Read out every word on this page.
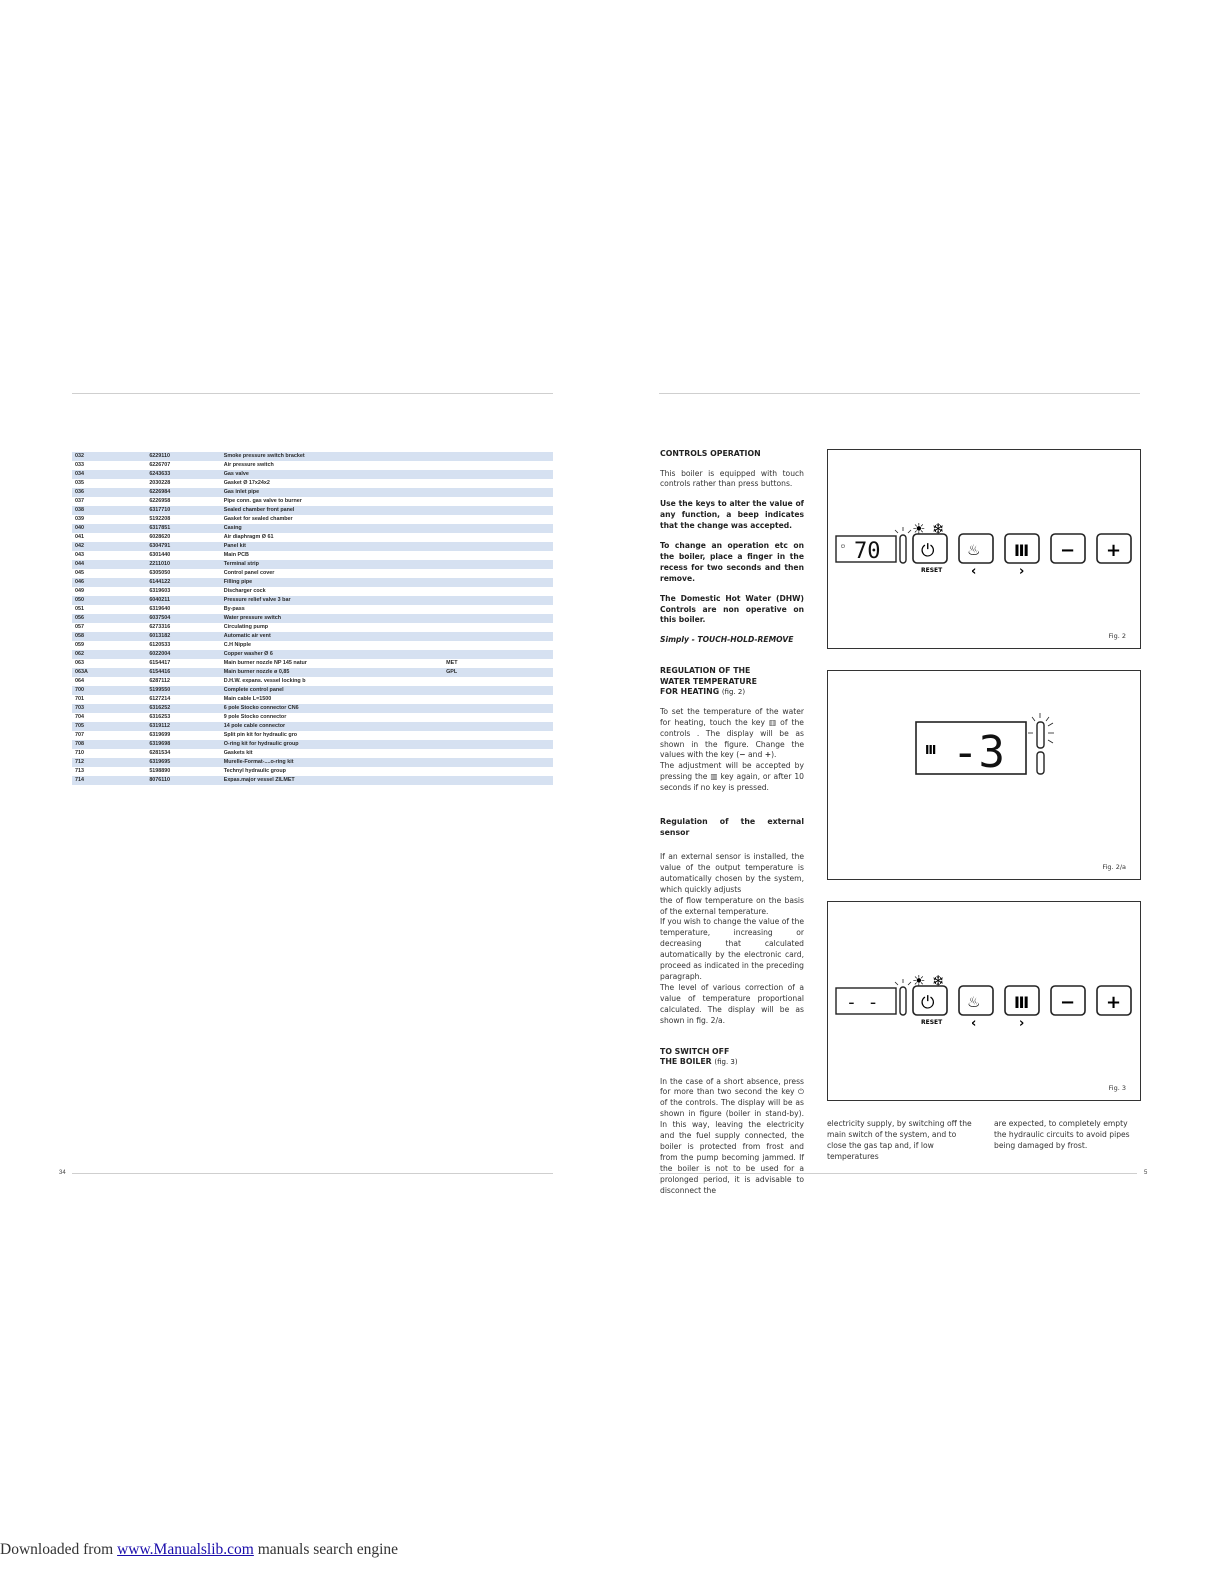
34	5
032	6229110	Smoke pressure switch bracket	
033	6226707	Air pressure switch	
034	6243633	Gas valve	
035	2030228	Gasket Ø 17x24x2	
036	6226984	Gas inlet pipe	
037	6226958	Pipe conn. gas valve to burner	
038	6317710	Sealed chamber front panel	
039	5192208	Gasket for sealed chamber	
040	6317851	Casing	
041	6028620	Air diaphragm Ø 61	
042	6304791	Panel kit	
043	6301440	Main PCB	
044	2211010	Terminal strip	
045	6305050	Control panel cover	
046	6144122	Filling pipe	
049	6319603	Discharger cock	
050	6040211	Pressure relief valve 3 bar	
051	6319640	By-pass	
056	6037504	Water pressure switch	
057	6273316	Circulating pump	
058	6013182	Automatic air vent	
059	6120533	C.H Nipple	
062	6022004	Copper washer Ø 6	
063	6154417	Main burner nozzle NP 145 natur	MET
063A	6154416	Main burner nozzle ø 0,85	GPL
064	6287112	D.H.W. expans. vessel locking b	
700	5199550	Complete control panel	
701	6127214	Main cable L=1500	
703	6316252	6 pole Stocko connector CN6	
704	6316253	9 pole Stocko connector	
705	6319112	14 pole cable connector	
707	6319699	Split pin kit for hydraulic gro	
708	6319698	O-ring kit for hydraulic group	
710	6281534	Gaskets kit	
712	6319695	Murelle-Format-....o-ring kit	
713	5198890	Technyl hydraulic group	
714	8076110	Expas.major vessel ZILMET	
CONTROLS OPERATION

This boiler is equipped with touch controls rather than press buttons.

Use the keys to alter the value of any function, a beep indicates that the change was accepted.

To change an operation etc on the boiler, place a finger in the recess for two seconds and then remove.

The Domestic Hot Water (DHW) Controls are non operative on this boiler.

Simply - TOUCH-HOLD-REMOVE

REGULATION OF THE
WATER TEMPERATURE
FOR HEATING (fig. 2)

To set the temperature of the water for heating, touch the key ▥ of the controls . The display will be as shown in the figure. Change the values with the key (− and +).

The adjustment will be accepted by pressing the ▥ key again, or after 10 seconds if no key is pressed.

Regulation of the external sensor

If an external sensor is installed, the value of the output temperature is automatically chosen by the system, which quickly adjusts

the of flow temperature on the basis of the external temperature.

If you wish to change the value of the temperature, increasing or decreasing that calculated automatically by the electronic card, proceed as indicated in the preceding paragraph.

The level of various correction of a value of temperature proportional calculated. The display will be as shown in fig. 2/a.

TO SWITCH OFF
THE BOILER (fig. 3)

In the case of a short absence, press for more than two second the key ⏻ of the controls. The display will be as shown in figure (boiler in stand-by). In this way, leaving the electricity and the fuel supply connected, the boiler is protected from frost and from the pump becoming jammed. If the boiler is not to be used for a prolonged period, it is advisable to disconnect the

electricity supply, by switching off the main switch of the system, and to close the gas tap and, if low temperatures
are expected, to completely empty the hydraulic circuits to avoid pipes being damaged by frost.
⏻ 70
☀ ❄
⏻
RESET
♨ Ⅲ
‹	›
− +
Fig. 2
Ⅲ -3
Fig. 2/a
- -
☀ ❄
⏻
RESET
♨ Ⅲ
‹	›
− +
Fig. 3
Downloaded from www.Manualslib.com manuals search engine
